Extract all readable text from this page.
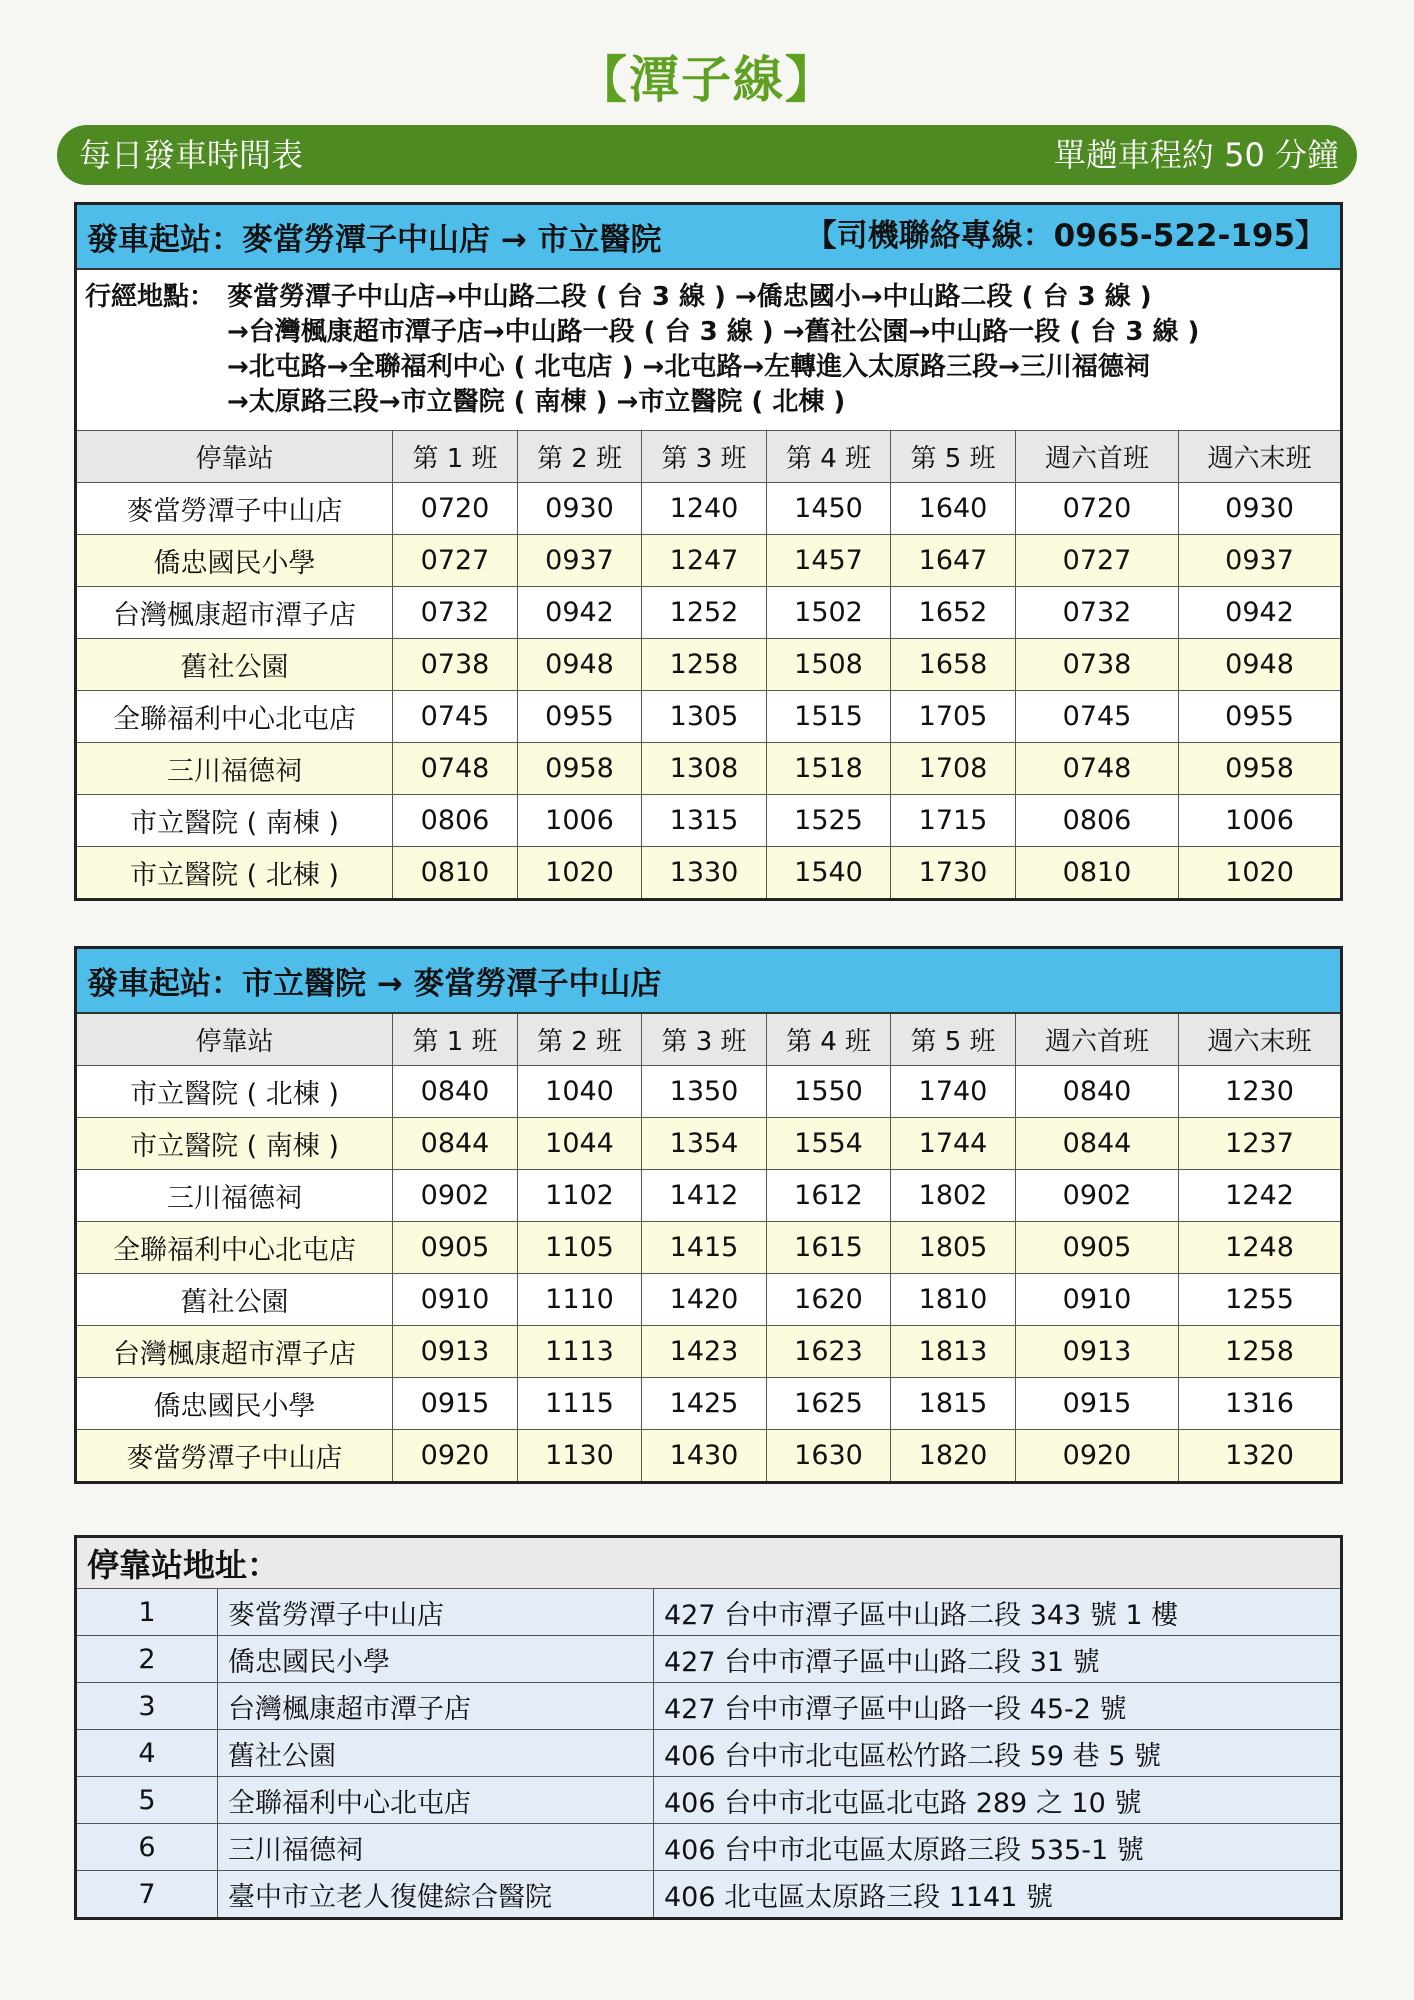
【潭子線】
每日發車時間表	單趟車程約 50 分鐘
發車起站：麥當勞潭子中山店 → 市立醫院 【司機聯絡專線：0965-522-195】							

行經地點： 麥當勞潭子中山店→中山路二段 ( 台 3 線 ) →僑忠國小→中山路二段 ( 台 3 線 )
→台灣楓康超市潭子店→中山路一段 ( 台 3 線 ) →舊社公園→中山路一段 ( 台 3 線 )
→北屯路→全聯福利中心 ( 北屯店 ) →北屯路→左轉進入太原路三段→三川福德祠
→太原路三段→市立醫院 ( 南棟 ) →市立醫院 ( 北棟 )							

停靠站	第 1 班	第 2 班	第 3 班	第 4 班	第 5 班	週六首班	週六末班
麥當勞潭子中山店	0720	0930	1240	1450	1640	0720	0930
僑忠國民小學	0727	0937	1247	1457	1647	0727	0937
台灣楓康超市潭子店	0732	0942	1252	1502	1652	0732	0942
舊社公園	0738	0948	1258	1508	1658	0738	0948
全聯福利中心北屯店	0745	0955	1305	1515	1705	0745	0955
三川福德祠	0748	0958	1308	1518	1708	0748	0958
市立醫院 ( 南棟 )	0806	1006	1315	1525	1715	0806	1006
市立醫院 ( 北棟 )	0810	1020	1330	1540	1730	0810	1020
發車起站：市立醫院 → 麥當勞潭子中山店							
停靠站	第 1 班	第 2 班	第 3 班	第 4 班	第 5 班	週六首班	週六末班
市立醫院 ( 北棟 )	0840	1040	1350	1550	1740	0840	1230
市立醫院 ( 南棟 )	0844	1044	1354	1554	1744	0844	1237
三川福德祠	0902	1102	1412	1612	1802	0902	1242
全聯福利中心北屯店	0905	1105	1415	1615	1805	0905	1248
舊社公園	0910	1110	1420	1620	1810	0910	1255
台灣楓康超市潭子店	0913	1113	1423	1623	1813	0913	1258
僑忠國民小學	0915	1115	1425	1625	1815	0915	1316
麥當勞潭子中山店	0920	1130	1430	1630	1820	0920	1320
停靠站地址：		
1	麥當勞潭子中山店	427 台中市潭子區中山路二段 343 號 1 樓
2	僑忠國民小學	427 台中市潭子區中山路二段 31 號
3	台灣楓康超市潭子店	427 台中市潭子區中山路一段 45-2 號
4	舊社公園	406 台中市北屯區松竹路二段 59 巷 5 號
5	全聯福利中心北屯店	406 台中市北屯區北屯路 289 之 10 號
6	三川福德祠	406 台中市北屯區太原路三段 535-1 號
7	臺中市立老人復健綜合醫院	406 北屯區太原路三段 1141 號
